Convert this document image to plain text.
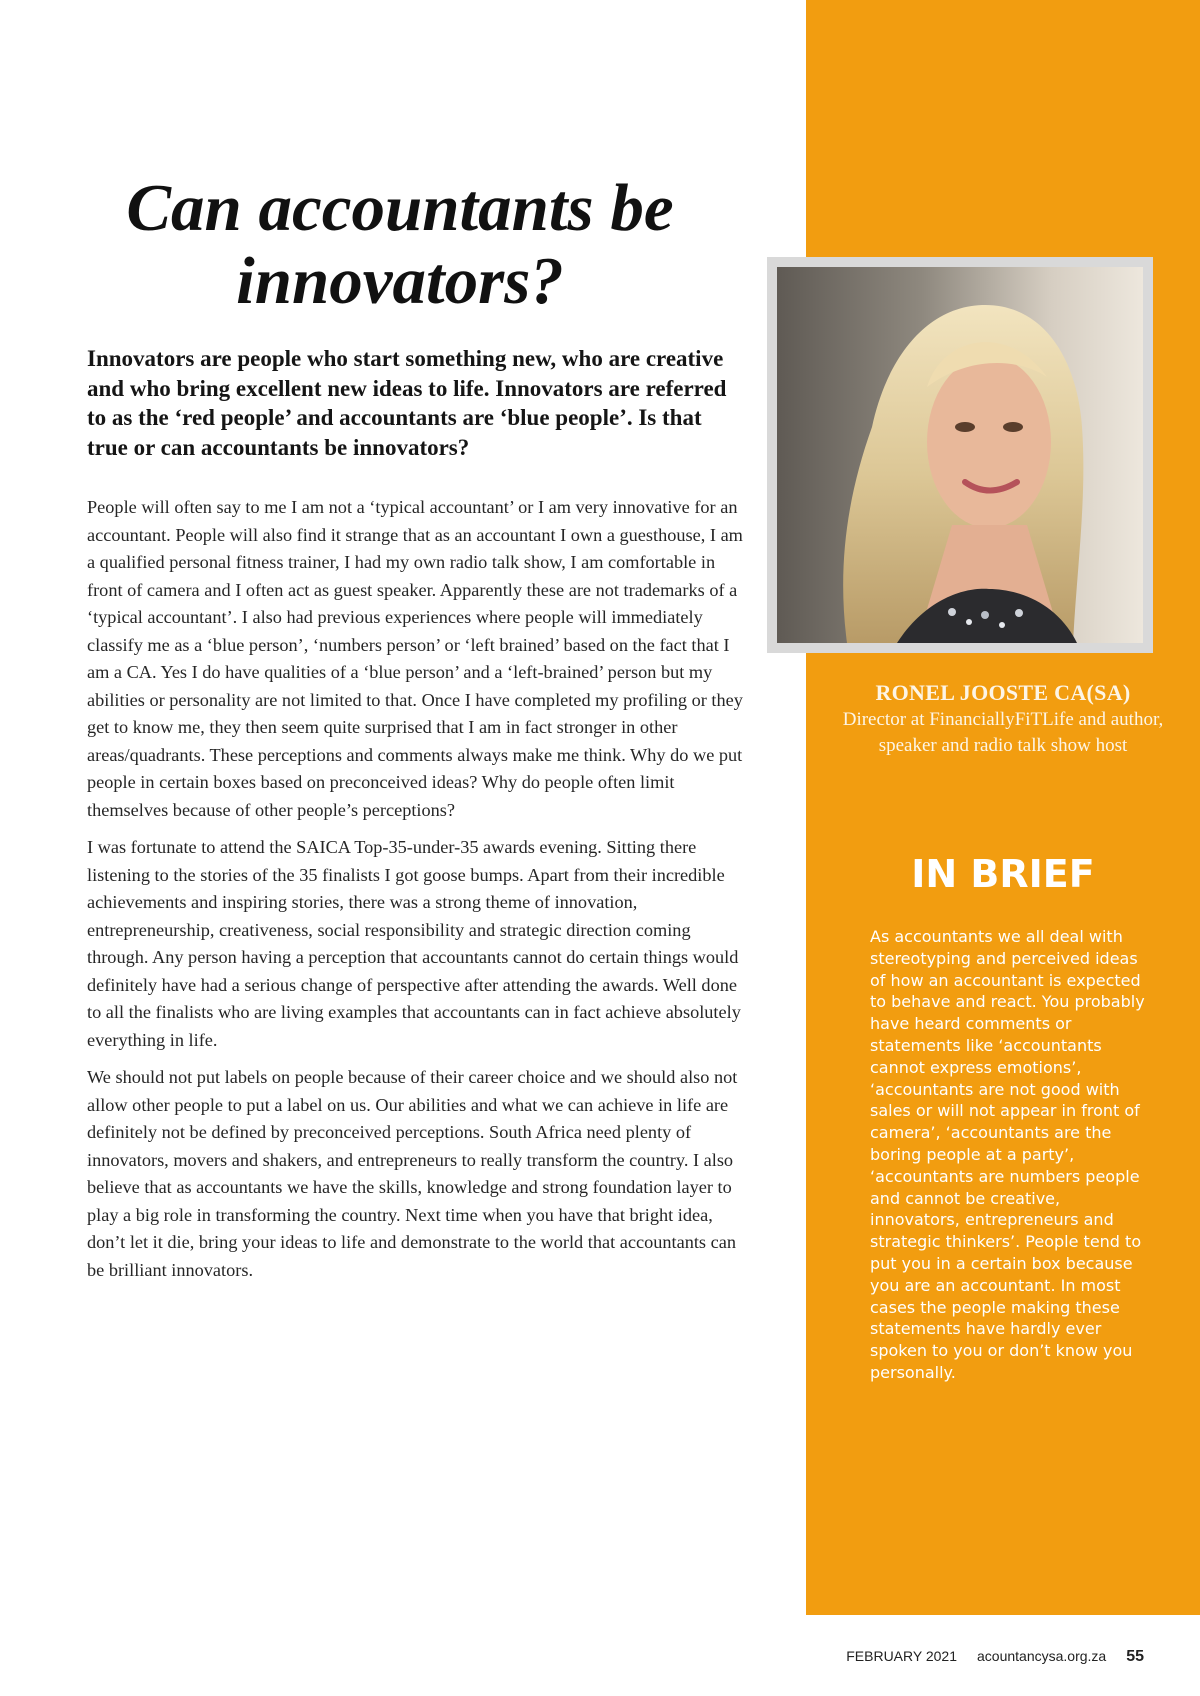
Can accountants be
innovators?

Innovators are people who start something new, who are creative and who bring excellent new ideas to life. Innovators are referred to as the ‘red people’ and accountants are ‘blue people’. Is that true or can accountants be innovators?

People will often say to me I am not a ‘typical accountant’ or I am very innovative for an accountant. People will also find it strange that as an accountant I own a guesthouse, I am a qualified personal fitness trainer, I had my own radio talk show, I am comfortable in front of camera and I often act as guest speaker. Apparently these are not trademarks of a ‘typical accountant’. I also had previous experiences where people will immediately classify me as a ‘blue person’, ‘numbers person’ or ‘left brained’ based on the fact that I am a CA. Yes I do have qualities of a ‘blue person’ and a ‘left-brained’ person but my abilities or personality are not limited to that. Once I have completed my profiling or they get to know me, they then seem quite surprised that I am in fact stronger in other areas/quadrants. These perceptions and comments always make me think. Why do we put people in certain boxes based on preconceived ideas? Why do people often limit themselves because of other people’s perceptions?

I was fortunate to attend the SAICA Top-35-under-35 awards evening. Sitting there listening to the stories of the 35 finalists I got goose bumps. Apart from their incredible achievements and inspiring stories, there was a strong theme of innovation, entrepreneurship, creativeness, social responsibility and strategic direction coming through. Any person having a perception that accountants cannot do certain things would definitely have had a serious change of perspective after attending the awards. Well done to all the finalists who are living examples that accountants can in fact achieve absolutely everything in life.

We should not put labels on people because of their career choice and we should also not allow other people to put a label on us. Our abilities and what we can achieve in life are definitely not be defined by preconceived perceptions. South Africa need plenty of innovators, movers and shakers, and entrepreneurs to really transform the country. I also believe that as accountants we have the skills, knowledge and strong foundation layer to play a big role in transforming the country. Next time when you have that bright idea, don’t let it die, bring your ideas to life and demonstrate to the world that accountants can be brilliant innovators.

RONEL JOOSTE CA(SA)
Director at FinanciallyFiTLife and author, speaker and radio talk show host
IN BRIEF

As accountants we all deal with stereotyping and perceived ideas of how an accountant is expected to behave and react. You probably have heard comments or statements like ‘accountants cannot express emotions’, ‘accountants are not good with sales or will not appear in front of camera’, ‘accountants are the boring people at a party’, ‘accountants are numbers people and cannot be creative, innovators, entrepreneurs and strategic thinkers’. People tend to put you in a certain box because you are an accountant. In most cases the people making these statements have hardly ever spoken to you or don’t know you personally.

FEBRUARY 2021 acountancysa.org.za 55
